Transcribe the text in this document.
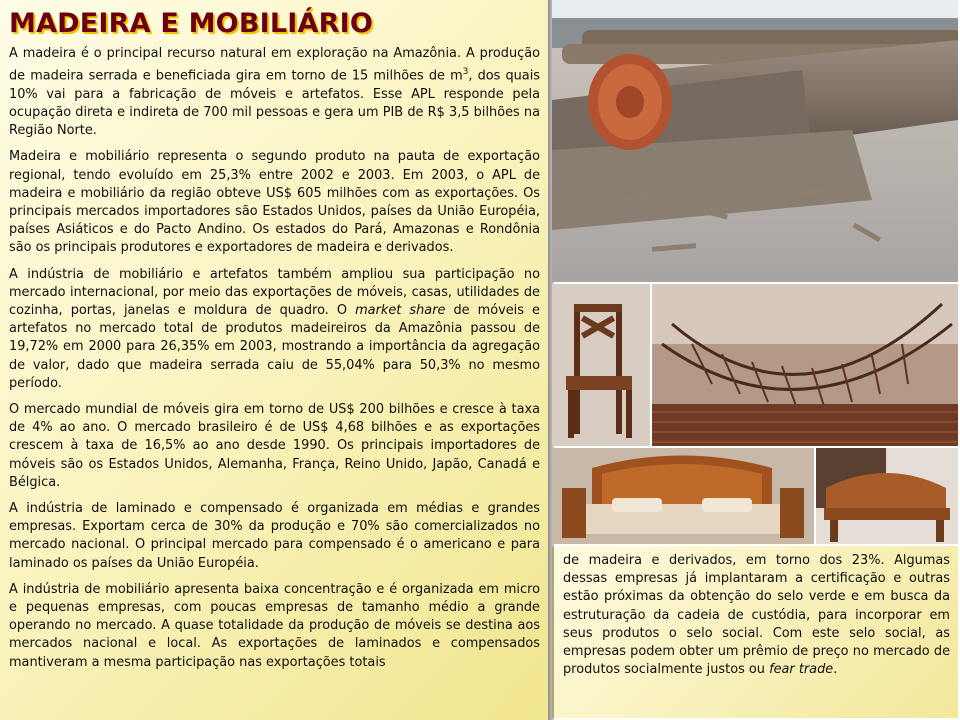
MADEIRA E MOBILIÁRIO

A madeira é o principal recurso natural em exploração na Amazônia. A produção de madeira serrada e beneficiada gira em torno de 15 milhões de $m^3$, dos quais 10% vai para a fabricação de móveis e artefatos. Esse APL responde pela ocupação direta e indireta de 700 mil pessoas e gera um PIB de R$ 3,5 bilhões na Região Norte.

Madeira e mobiliário representa o segundo produto na pauta de exportação regional, tendo evoluído em 25,3% entre 2002 e 2003. Em 2003, o APL de madeira e mobiliário da região obteve US$ 605 milhões com as exportações. Os principais mercados importadores são Estados Unidos, países da União Européia, países Asiáticos e do Pacto Andino. Os estados do Pará, Amazonas e Rondônia são os principais produtores e exportadores de madeira e derivados.

A indústria de mobiliário e artefatos também ampliou sua participação no mercado internacional, por meio das exportações de móveis, casas, utilidades de cozinha, portas, janelas e moldura de quadro. O market share de móveis e artefatos no mercado total de produtos madeireiros da Amazônia passou de 19,72% em 2000 para 26,35% em 2003, mostrando a importância da agregação de valor, dado que madeira serrada caiu de 55,04% para 50,3% no mesmo período.

O mercado mundial de móveis gira em torno de US$ 200 bilhões e cresce à taxa de 4% ao ano. O mercado brasileiro é de US$ 4,68 bilhões e as exportações crescem à taxa de 16,5% ao ano desde 1990. Os principais importadores de móveis são os Estados Unidos, Alemanha, França, Reino Unido, Japão, Canadá e Bélgica.

A indústria de laminado e compensado é organizada em médias e grandes empresas. Exportam cerca de 30% da produção e 70% são comercializados no mercado nacional. O principal mercado para compensado é o americano e para laminado os países da União Européia.

A indústria de mobiliário apresenta baixa concentração e é organizada em micro e pequenas empresas, com poucas empresas de tamanho médio a grande operando no mercado. A quase totalidade da produção de móveis se destina aos mercados nacional e local. As exportações de laminados e compensados mantiveram a mesma participação nas exportações totais

de madeira e derivados, em torno dos 23%. Algumas dessas empresas já implantaram a certificação e outras estão próximas da obtenção do selo verde e em busca da estruturação da cadeia de custódia, para incorporar em seus produtos o selo social. Com este selo social, as empresas podem obter um prêmio de preço no mercado de produtos socialmente justos ou fear trade.
